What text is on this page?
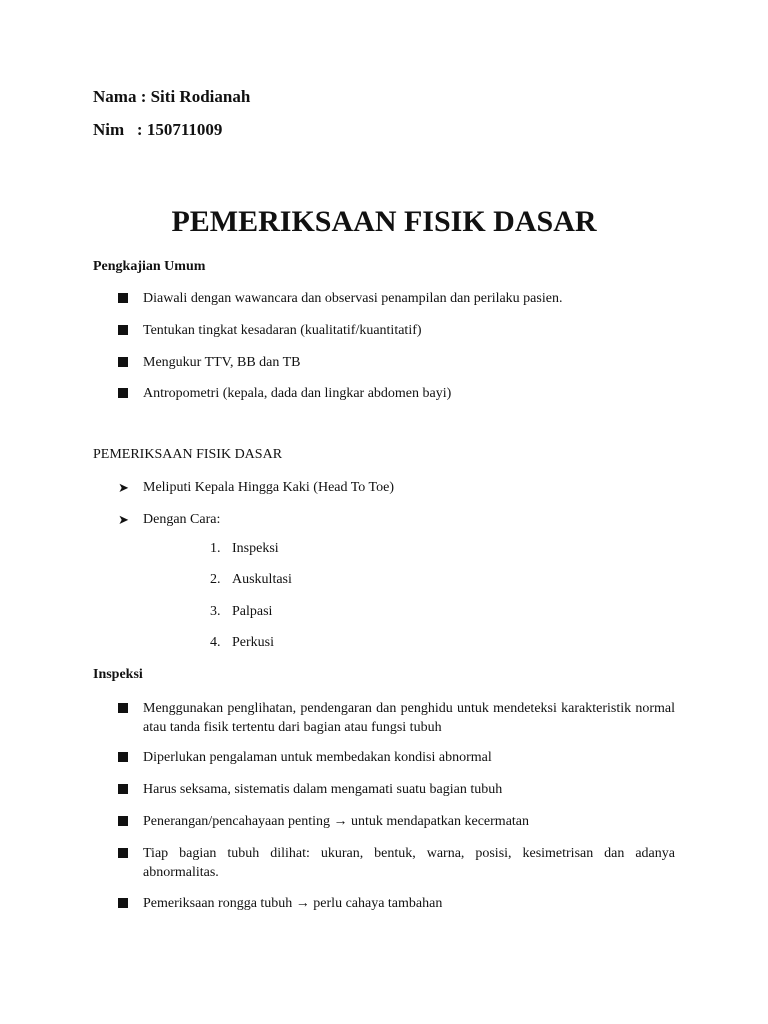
Nama : Siti Rodianah
Nim   : 150711009
PEMERIKSAAN FISIK DASAR
Pengkajian Umum
Diawali dengan wawancara dan observasi penampilan dan perilaku pasien.
Tentukan tingkat kesadaran (kualitatif/kuantitatif)
Mengukur TTV, BB dan TB
Antropometri (kepala, dada dan lingkar abdomen bayi)
PEMERIKSAAN FISIK DASAR
➤	Meliputi Kepala Hingga Kaki (Head To Toe)
➤	Dengan Cara:
1. Inspeksi
2. Auskultasi
3. Palpasi
4. Perkusi
Inspeksi
Menggunakan penglihatan, pendengaran dan penghidu untuk mendeteksi karakteristik normal atau tanda fisik tertentu dari bagian atau fungsi tubuh
Diperlukan pengalaman untuk membedakan kondisi abnormal
Harus seksama, sistematis dalam mengamati suatu bagian tubuh
Penerangan/pencahayaan penting → untuk mendapatkan kecermatan
Tiap bagian tubuh dilihat: ukuran, bentuk, warna, posisi, kesimetrisan dan adanya abnormalitas.
Pemeriksaan rongga tubuh → perlu cahaya tambahan
